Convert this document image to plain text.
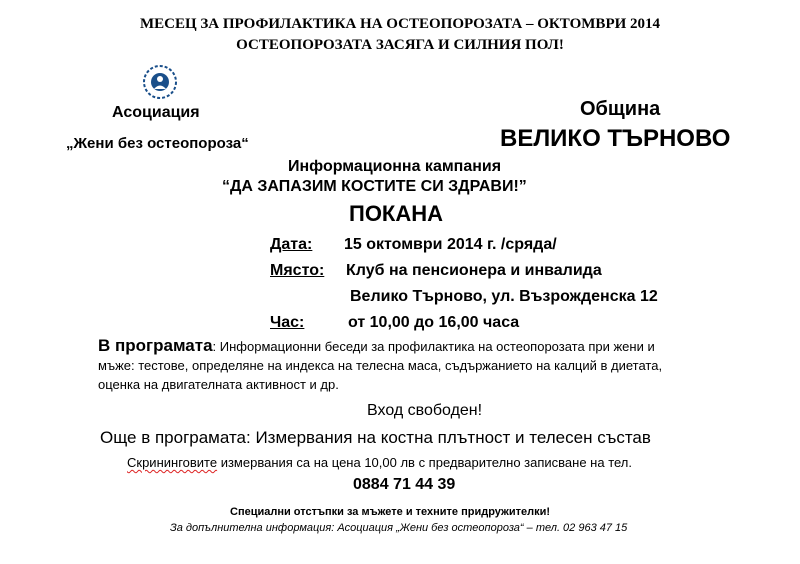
МЕСЕЦ ЗА ПРОФИЛАКТИКА НА ОСТЕОПОРОЗАТА – ОКТОМВРИ 2014
ОСТЕОПОРОЗАТА ЗАСЯГА И СИЛНИЯ ПОЛ!
Асоциация
„Жени без остеопороза“
Община
ВЕЛИКО ТЪРНОВО
Информационна кампания
“ДА ЗАПАЗИМ КОСТИТЕ СИ ЗДРАВИ!”
ПОКАНА
Дата: 15 октомври 2014 г. /сряда/
Място: Клуб на пенсионера и инвалида
Велико Търново, ул. Възрожденска 12
Час:	от 10,00 до 16,00 часа
В програмата: Информационни беседи за профилактика на остеопорозата при жени и
мъже: тестове, определяне на индекса на телесна маса, съдържанието на калций в диетата,
оценка на двигателната активност и др.
Вход свободен!
Още в програмата: Измервания на костна плътност и телесен състав
Скрининговите измервания са на цена 10,00 лв с предварително записване на тел.
0884 71 44 39
Специални отстъпки за мъжете и техните придружителки!
За допълнителна информация: Асоциация „Жени без остеопороза“ – тел. 02 963 47 15
